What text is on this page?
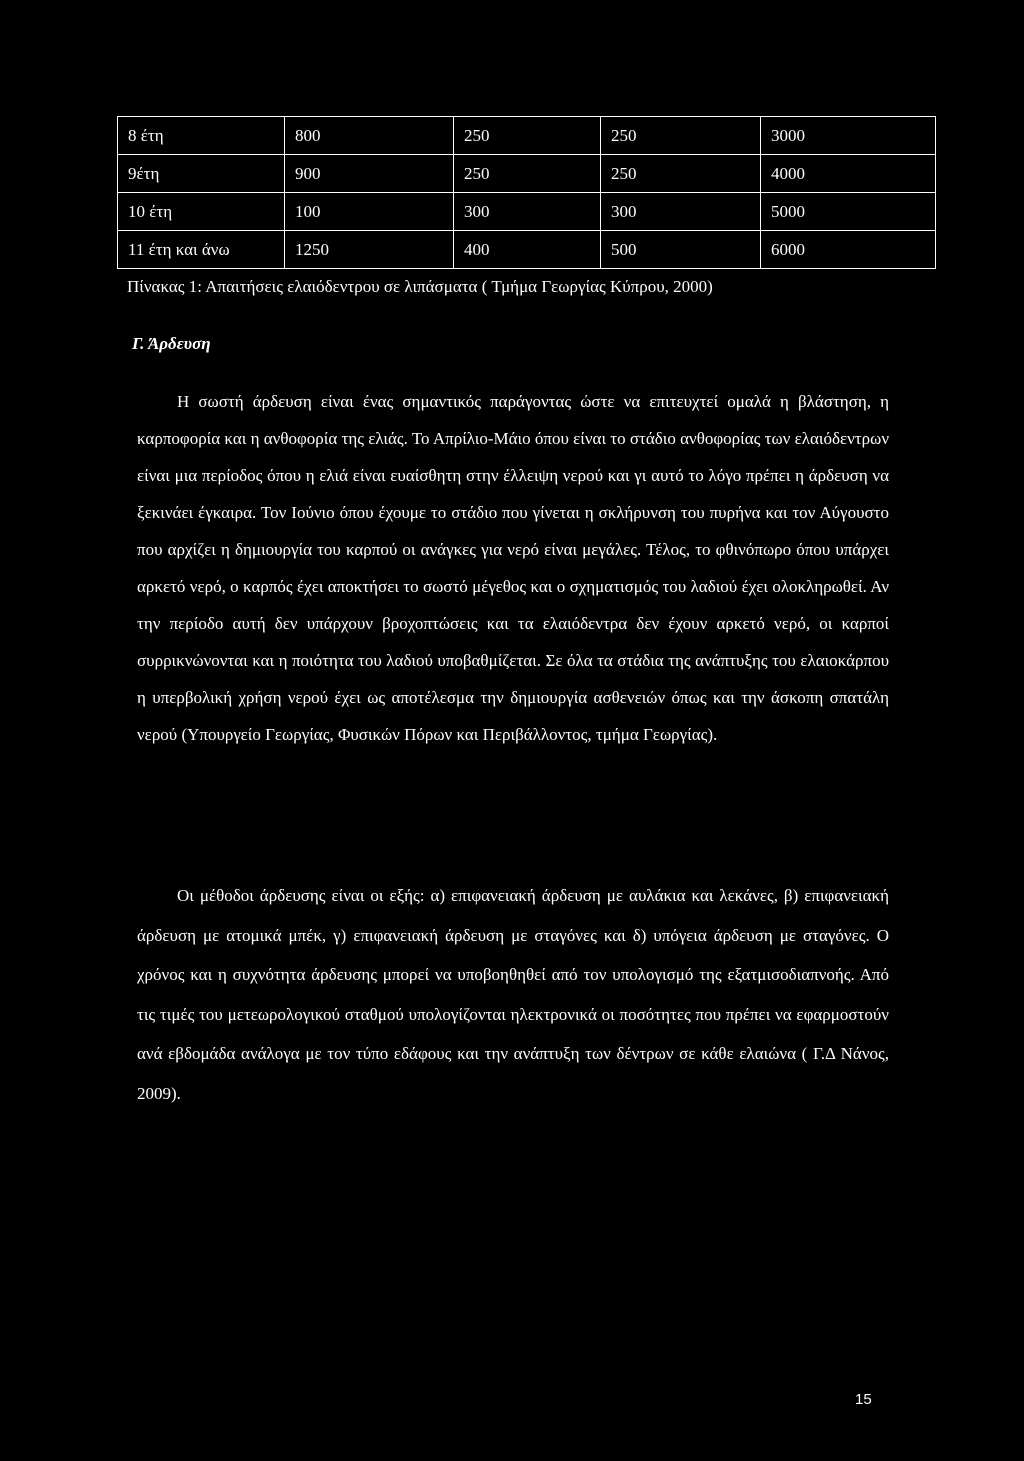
8 έτη	800	250	250	3000
9έτη	900	250	250	4000
10 έτη	100	300	300	5000
11 έτη και άνω	1250	400	500	6000
Πίνακας 1: Απαιτήσεις ελαιόδεντρου σε λιπάσματα ( Τμήμα Γεωργίας Κύπρου, 2000)
Γ. Άρδευση

Η σωστή άρδευση είναι ένας σημαντικός παράγοντας ώστε να επιτευχτεί ομαλά η βλάστηση, η καρποφορία και η ανθοφορία της ελιάς. Το Απρίλιο-Μάιο όπου είναι το στάδιο ανθοφορίας των ελαιόδεντρων είναι μια περίοδος όπου η ελιά είναι ευαίσθητη στην έλλειψη νερού και γι αυτό το λόγο πρέπει η άρδευση να ξεκινάει έγκαιρα. Τον Ιούνιο όπου έχουμε το στάδιο που γίνεται η σκλήρυνση του πυρήνα και τον Αύγουστο που αρχίζει η δημιουργία του καρπού οι ανάγκες για νερό είναι μεγάλες. Τέλος, το φθινόπωρο όπου υπάρχει αρκετό νερό, ο καρπός έχει αποκτήσει το σωστό μέγεθος και ο σχηματισμός του λαδιού έχει ολοκληρωθεί. Αν την περίοδο αυτή δεν υπάρχουν βροχοπτώσεις και τα ελαιόδεντρα δεν έχουν αρκετό νερό, οι καρποί συρρικνώνονται και η ποιότητα του λαδιού υποβαθμίζεται. Σε όλα τα στάδια της ανάπτυξης του ελαιοκάρπου η υπερβολική χρήση νερού έχει ως αποτέλεσμα την δημιουργία ασθενειών όπως και την άσκοπη σπατάλη νερού (Υπουργείο Γεωργίας, Φυσικών Πόρων και Περιβάλλοντος, τμήμα Γεωργίας).

Οι μέθοδοι άρδευσης είναι οι εξής: α) επιφανειακή άρδευση με αυλάκια και λεκάνες, β) επιφανειακή άρδευση με ατομικά μπέκ, γ) επιφανειακή άρδευση με σταγόνες και δ) υπόγεια άρδευση με σταγόνες. Ο χρόνος και η συχνότητα άρδευσης μπορεί να υποβοηθηθεί από τον υπολογισμό της εξατμισοδιαπνοής. Από τις τιμές του μετεωρολογικού σταθμού υπολογίζονται ηλεκτρονικά οι ποσότητες που πρέπει να εφαρμοστούν ανά εβδομάδα ανάλογα με τον τύπο εδάφους και την ανάπτυξη των δέντρων σε κάθε ελαιώνα ( Γ.Δ Νάνος, 2009).

15
